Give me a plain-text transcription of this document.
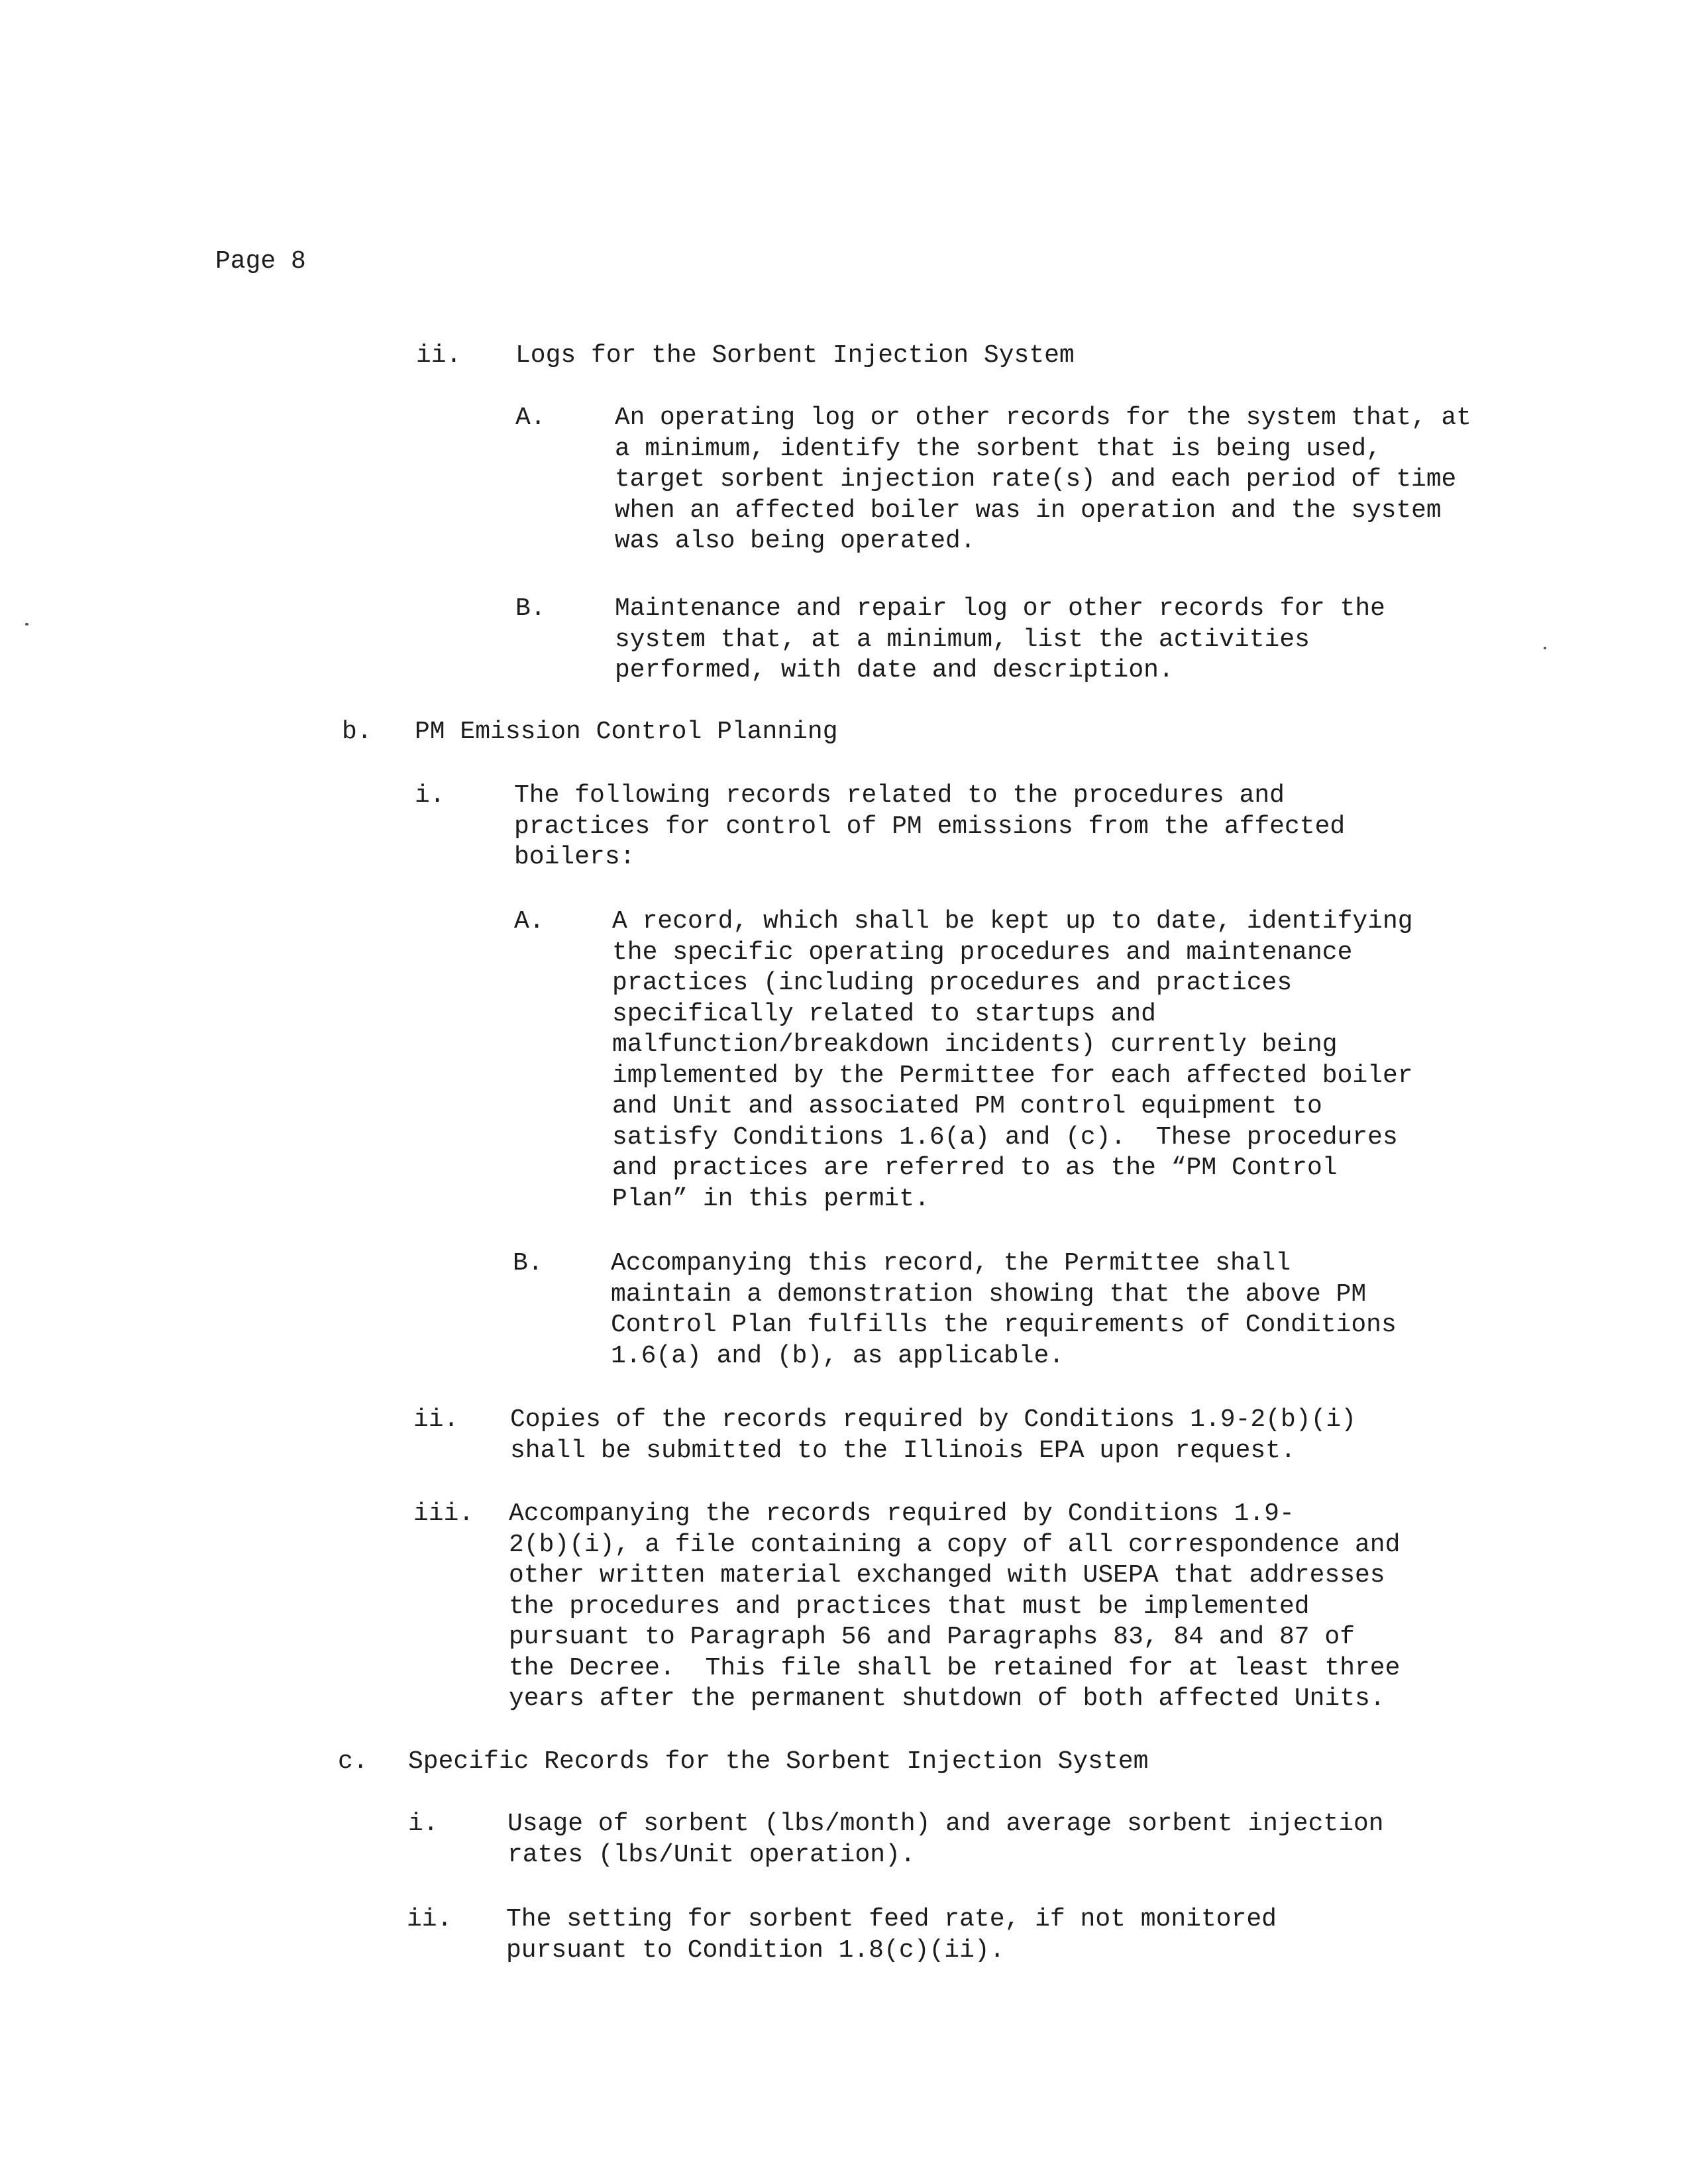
Page 8
ii. Logs for the Sorbent Injection System
A.	An operating log or other records for the system that, at
a minimum, identify the sorbent that is being used,
target sorbent injection rate(s) and each period of time
when an affected boiler was in operation and the system
was also being operated.
B.	Maintenance and repair log or other records for the
system that, at a minimum, list the activities
performed, with date and description.
b. PM Emission Control Planning
i.	The following records related to the procedures and
practices for control of PM emissions from the affected
boilers:
A.	A record, which shall be kept up to date, identifying
the specific operating procedures and maintenance
practices (including procedures and practices
specifically related to startups and
malfunction/breakdown incidents) currently being
implemented by the Permittee for each affected boiler
and Unit and associated PM control equipment to
satisfy Conditions 1.6(a) and (c).  These procedures
and practices are referred to as the “PM Control
Plan” in this permit.
B.	Accompanying this record, the Permittee shall
maintain a demonstration showing that the above PM
Control Plan fulfills the requirements of Conditions
1.6(a) and (b), as applicable.
ii. Copies of the records required by Conditions 1.9-2(b)(i)
shall be submitted to the Illinois EPA upon request.
iii. Accompanying the records required by Conditions 1.9-
2(b)(i), a file containing a copy of all correspondence and
other written material exchanged with USEPA that addresses
the procedures and practices that must be implemented
pursuant to Paragraph 56 and Paragraphs 83, 84 and 87 of
the Decree.  This file shall be retained for at least three
years after the permanent shutdown of both affected Units.
c. Specific Records for the Sorbent Injection System
i.	Usage of sorbent (lbs/month) and average sorbent injection
rates (lbs/Unit operation).
ii. The setting for sorbent feed rate, if not monitored
pursuant to Condition 1.8(c)(ii).
